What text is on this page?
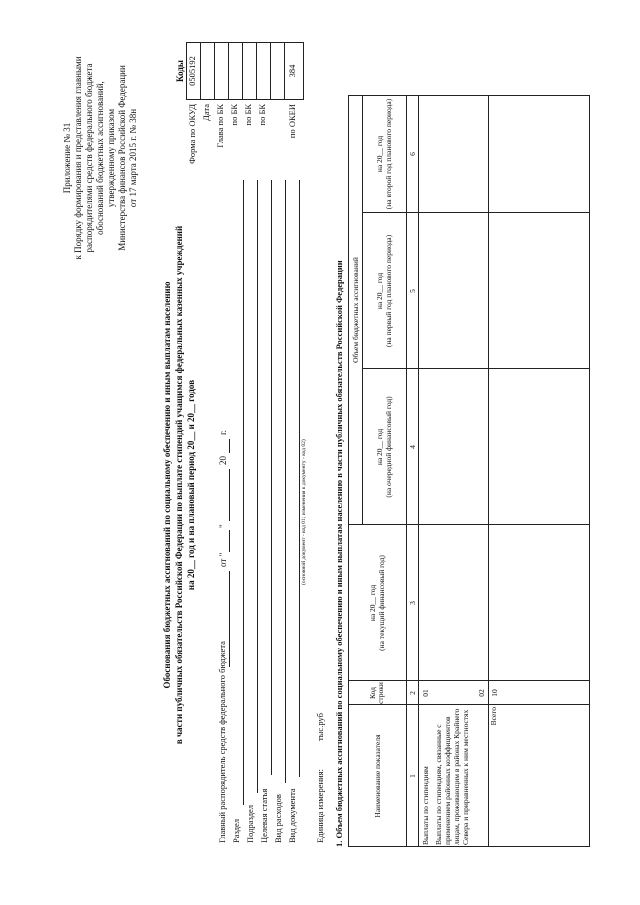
Приложение № 31 к Порядку формирования и представления главными распорядителями средств федерального бюджета обоснований бюджетных ассигнований, утвержденному приказом Министерства финансов Российской Федерации от 17 марта 2015 г. № 38н
Обоснования бюджетных ассигнований по социальному обеспечению и иным выплатам населению в части публичных обязательств Российской Федерации по выплате стипендий учащимся федеральных казенных учреждений на 20__ год и на плановый период 20__ и 20__ годов от "
"
20
г.
Коды
Форма по ОКУД
0505192
Дата Глава по БК по БК по БК по БК по ОКЕИ
384
Главный распорядитель средств федерального бюджета Раздел Подраздел Целевая статья Вид расходов Вид документа
(основной документ - код 01; изменения к документу - код 02)
Единица измерения:
тыс.руб 1. Объем бюджетных ассигнований по социальному обеспечению и иным выплатам населению в части публичных обязательств Российской Федерации	Наименование показателя
Код строки
на 20__ год (на текущий финансовый год)
Объем бюджетных ассигнований
на 20__ год (на очередной финансовый год)
на 20__ год (на первый год планового периода)
на 20__ год (на второй год планового периода)
1
2
3
4
5
6
Выплаты по стипендиям
01
Выплаты по стипендиям, связанные с применением районных коэффициентов лицам, проживающим в районах Крайнего Севера и приравненных к ним местностях
02
Всего
10
